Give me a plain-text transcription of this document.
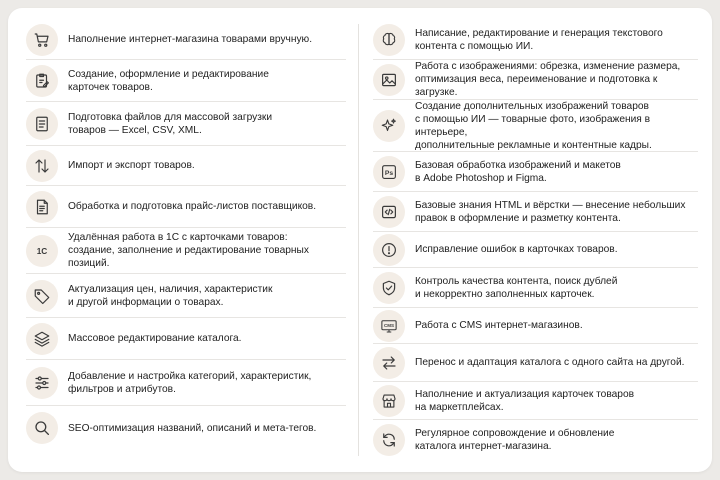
Наполнение интернет-магазина товарами вручную.
Создание, оформление и редактирование
карточек товаров.
Подготовка файлов для массовой загрузки
товаров — Excel, CSV, XML.
Импорт и экспорт товаров.
Обработка и подготовка прайс-листов поставщиков.
1С
Удалённая работа в 1С с карточками товаров:
создание, заполнение и редактирование товарных позиций.
Актуализация цен, наличия, характеристик
и другой информации о товарах.
Массовое редактирование каталога.
Добавление и настройка категорий, характеристик,
фильтров и атрибутов.
SEO-оптимизация названий, описаний и мета-тегов.
Написание, редактирование и генерация текстового
контента с помощью ИИ.
Работа с изображениями: обрезка, изменение размера,
оптимизация веса, переименование и подготовка к загрузке.
Создание дополнительных изображений товаров
с помощью ИИ — товарные фото, изображения в интерьере,
дополнительные рекламные и контентные кадры.
Ps
Базовая обработка изображений и макетов
в Adobe Photoshop и Figma.
Базовые знания HTML и вёрстки — внесение небольших
правок в оформление и разметку контента.
Исправление ошибок в карточках товаров.
Контроль качества контента, поиск дублей
и некорректно заполненных карточек.
CMS Работа с CMS интернет-магазинов.
Перенос и адаптация каталога с одного сайта на другой.
Наполнение и актуализация карточек товаров
на маркетплейсах.
Регулярное сопровождение и обновление
каталога интернет-магазина.
